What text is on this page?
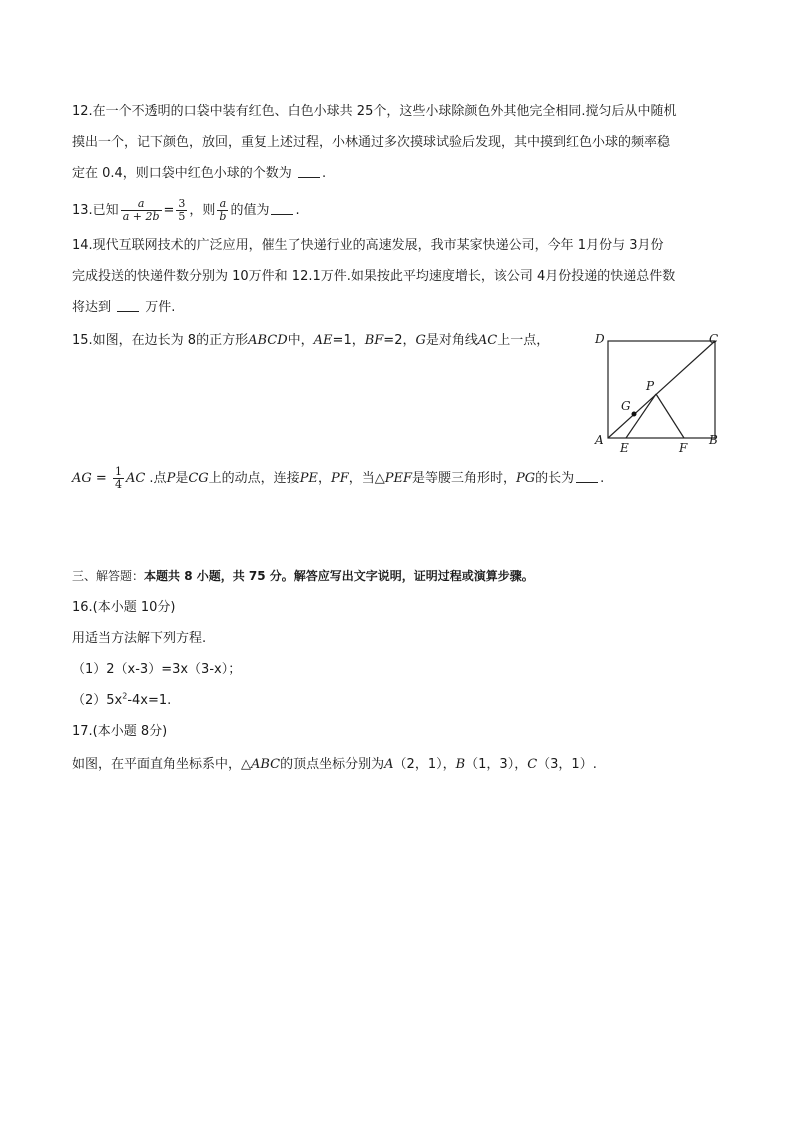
12.在一个不透明的口袋中装有红色、白色小球共 25个，这些小球除颜色外其他完全相同.搅匀后从中随机
摸出一个，记下颜色，放回，重复上述过程，小林通过多次摸球试验后发现，其中摸到红色小球的频率稳
定在 0.4，则口袋中红色小球的个数为 .
13.已知 $\frac{a}{a + 2b} = \frac{3}{5}$ ，则 $\frac{a}{b}$ 的值为 .
14.现代互联网技术的广泛应用，催生了快递行业的高速发展，我市某家快递公司，今年 1月份与 3月份
完成投送的快递件数分别为 10万件和 12.1万件.如果按此平均速度增长，该公司 4月份投递的快递总件数
将达到	万件.
15.如图，在边长为 8的正方形ABCD中，AE=1，BF=2，G是对角线AC上一点，	D	C
A	B
E	F
G
P
AG = $\frac{1}{4}$ AC .点P是CG上的动点，连接PE，PF，当△PEF是等腰三角形时，PG的长为 .
三、解答题：本题共 8 小题，共 75 分。解答应写出文字说明，证明过程或演算步骤。
16.(本小题 10分)
用适当方法解下列方程.
（1）2（x-3）=3x（3-x）；
$(2)5x^2-4x=1$.
17.(本小题 8分)
如图，在平面直角坐标系中，△ABC的顶点坐标分别为A（2，1），B（1，3），C（3，1）.
